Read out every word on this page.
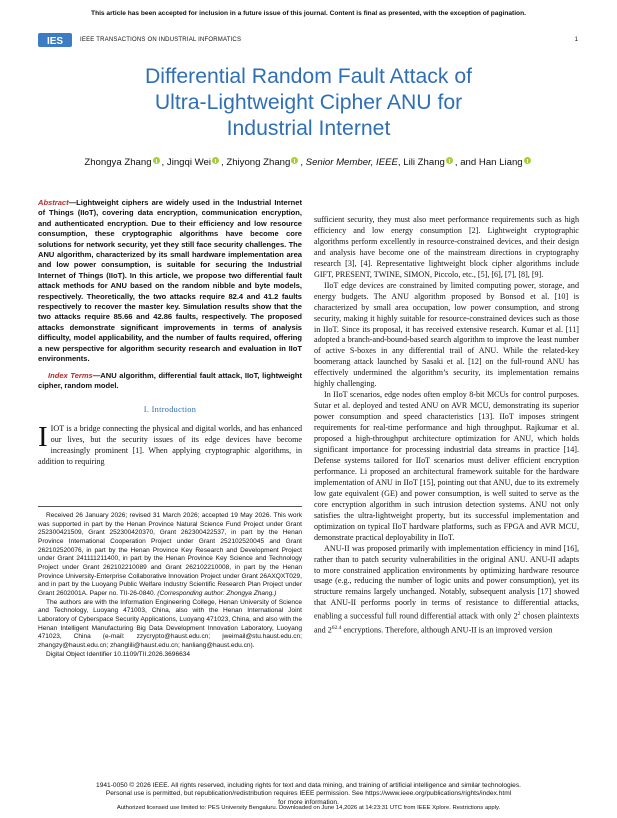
This article has been accepted for inclusion in a future issue of this journal. Content is final as presented, with the exception of pagination.
IES	IEEE TRANSACTIONS ON INDUSTRIAL INFORMATICS	1
Differential Random Fault Attack of
Ultra-Lightweight Cipher ANU for
Industrial Internet
Zhongya Zhang , Jingqi Wei , Zhiyong Zhang , Senior Member, IEEE, Lili Zhang , and Han Liang
Abstract—Lightweight ciphers are widely used in the Industrial Internet of Things (IIoT), covering data encryption, communication encryption, and authenticated encryption. Due to their efficiency and low resource consumption, these cryptographic algorithms have become core solutions for network security, yet they still face security challenges. The ANU algorithm, characterized by its small hardware implementation area and low power consumption, is suitable for securing the Industrial Internet of Things (IIoT). In this article, we propose two differential fault attack methods for ANU based on the random nibble and byte models, respectively. Theoretically, the two attacks require 82.4 and 41.2 faults respectively to recover the master key. Simulation results show that the two attacks require 85.66 and 42.86 faults, respectively. The proposed attacks demonstrate significant improvements in terms of analysis difficulty, model applicability, and the number of faults required, offering a new perspective for algorithm security research and evaluation in IIoT environments.
Index Terms—ANU algorithm, differential fault attack, IIoT, lightweight cipher, random model.
I. Introduction
IIOT is a bridge connecting the physical and digital worlds, and has enhanced our lives, but the security issues of its edge devices have become increasingly prominent [1]. When applying cryptographic algorithms, in addition to requiring

Received 26 January 2026; revised 31 March 2026; accepted 19 May 2026. This work was supported in part by the Henan Province Natural Science Fund Project under Grant 252300421509, Grant 252300420370, Grant 262300422537, in part by the Henan Province International Cooperation Project under Grant 252102520045 and Grant 262102520076, in part by the Henan Province Key Research and Development Project under Grant 241111211400, in part by the Henan Province Key Science and Technology Project under Grant 262102210089 and Grant 262102210008, in part by the Henan Province University-Enterprise Collaborative Innovation Project under Grant 26AXQXT029, and in part by the Luoyang Public Welfare Industry Scientific Research Plan Project under Grant 2602001A. Paper no. TII-26-0840. (Corresponding author: Zhongya Zhang.)

The authors are with the Information Engineering College, Henan University of Science and Technology, Luoyang 471003, China, also with the Henan International Joint Laboratory of Cyberspace Security Applications, Luoyang 471023, China, and also with the Henan Intelligent Manufacturing Big Data Development Innovation Laboratory, Luoyang 471023, China (e-mail: zzycrypto@haust.edu.cn; jweimail@stu.haust.edu.cn; zhangzy@haust.edu.cn; zhanglili@haust.edu.cn; hanliang@haust.edu.cn).

Digital Object Identifier 10.1109/TII.2026.3696634

sufficient security, they must also meet performance requirements such as high efficiency and low energy consumption [2]. Lightweight cryptographic algorithms perform excellently in resource-constrained devices, and their design and analysis have become one of the mainstream directions in cryptography research [3], [4]. Representative lightweight block cipher algorithms include GIFT, PRESENT, TWINE, SIMON, Piccolo, etc., [5], [6], [7], [8], [9].

IIoT edge devices are constrained by limited computing power, storage, and energy budgets. The ANU algorithm proposed by Bonsod et al. [10] is characterized by small area occupation, low power consumption, and strong security, making it highly suitable for resource-constrained devices such as those in IIoT. Since its proposal, it has received extensive research. Kumar et al. [11] adopted a branch-and-bound-based search algorithm to improve the least number of active S-boxes in any differential trail of ANU. While the related-key boomerang attack launched by Sasaki et al. [12] on the full-round ANU has effectively undermined the algorithm’s security, its implementation remains highly challenging.

In IIoT scenarios, edge nodes often employ 8-bit MCUs for control purposes. Sutar et al. deployed and tested ANU on AVR MCU, demonstrating its superior power consumption and speed characteristics [13]. IIoT imposes stringent requirements for real-time performance and high throughput. Rajkumar et al. proposed a high-throughput architecture optimization for ANU, which holds significant importance for processing industrial data streams in practice [14]. Defense systems tailored for IIoT scenarios must deliver efficient encryption performance. Li proposed an architectural framework suitable for the hardware implementation of ANU in IIoT [15], pointing out that ANU, due to its extremely low gate equivalent (GE) and power consumption, is well suited to serve as the core encryption algorithm in such intrusion detection systems. ANU not only satisfies the ultra-lightweight property, but its successful implementation and optimization on typical IIoT hardware platforms, such as FPGA and AVR MCU, demonstrate practical deployability in IIoT.

ANU-II was proposed primarily with implementation efficiency in mind [16], rather than to patch security vulnerabilities in the original ANU. ANU-II adapts to more constrained application environments by optimizing hardware resource usage (e.g., reducing the number of logic units and power consumption), yet its structure remains largely unchanged. Notably, subsequent analysis [17] showed that ANU-II performs poorly in terms of resistance to differential attacks, enabling a successful full round differential attack with only $2^2$ chosen plaintexts and $2^{62.4}$ encryptions. Therefore, although ANU-II is an improved version

1941-0050 © 2026 IEEE. All rights reserved, including rights for text and data mining, and training of artificial intelligence and similar technologies.
Personal use is permitted, but republication/redistribution requires IEEE permission. See https://www.ieee.org/publications/rights/index.html
for more information.
Authorized licensed use limited to: PES University Bengaluru. Downloaded on June 14,2026 at 14:23:31 UTC from IEEE Xplore. Restrictions apply.
